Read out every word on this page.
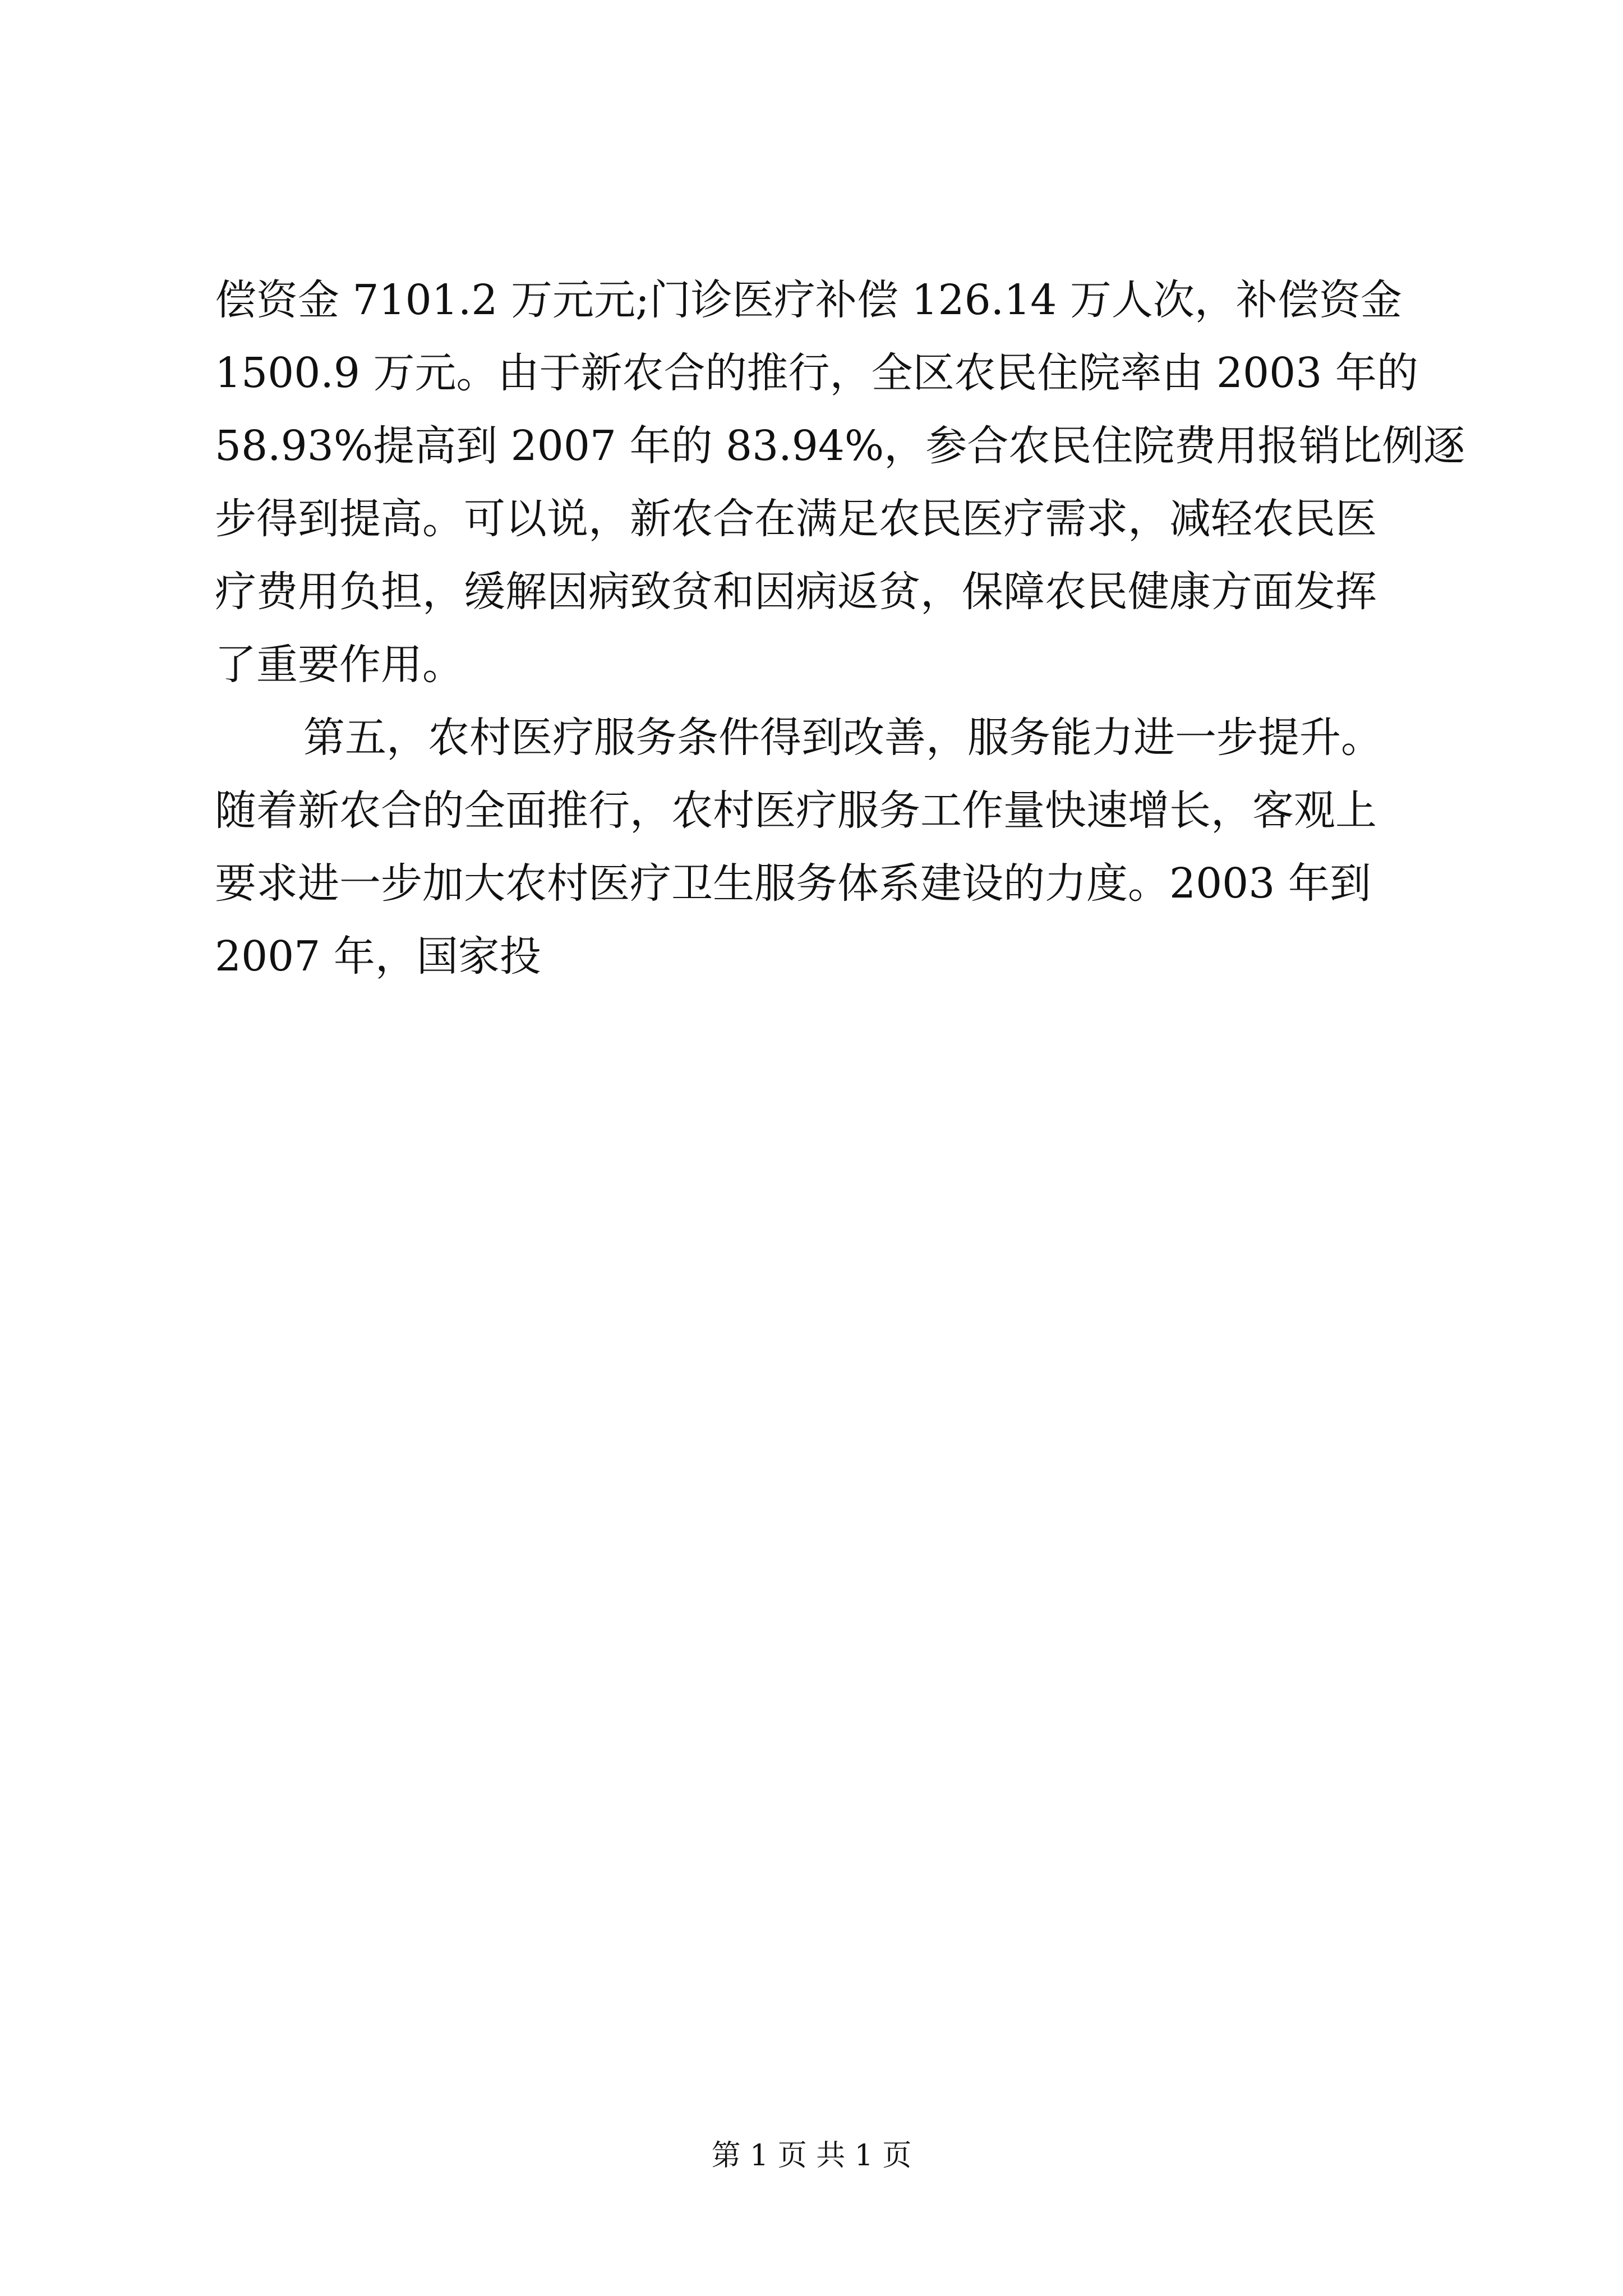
偿资金 7101.2 万元元;门诊医疗补偿 126.14 万人次，补偿资金
1500.9 万元。由于新农合的推行，全区农民住院率由 2003 年的
58.93%提高到 2007 年的 83.94%，参合农民住院费用报销比例逐
步得到提高。可以说，新农合在满足农民医疗需求，减轻农民医
疗费用负担，缓解因病致贫和因病返贫，保障农民健康方面发挥
了重要作用。
第五，农村医疗服务条件得到改善，服务能力进一步提升。
随着新农合的全面推行，农村医疗服务工作量快速增长，客观上
要求进一步加大农村医疗卫生服务体系建设的力度。2003 年到
2007 年，国家投
第 1 页 共 1 页
